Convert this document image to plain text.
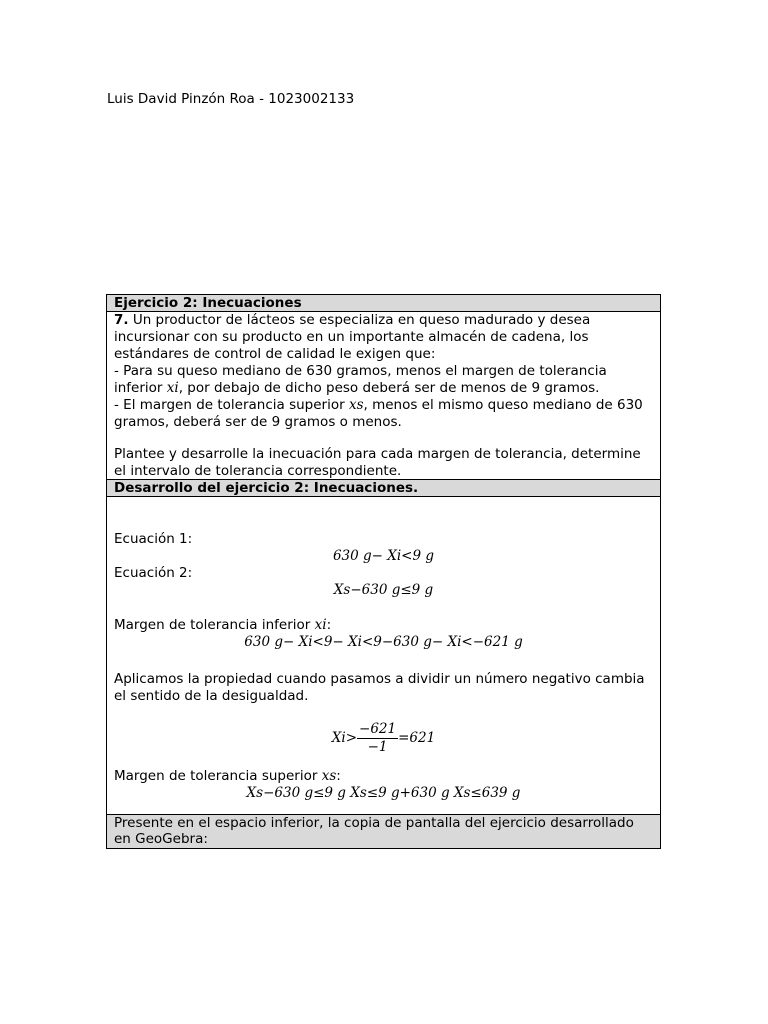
Luis David Pinzón Roa - 1023002133
Ejercicio 2: Inecuaciones

7. Un productor de lácteos se especializa en queso madurado y desea incursionar con su producto en un importante almacén de cadena, los estándares de control de calidad le exigen que:

- Para su queso mediano de 630 gramos, menos el margen de tolerancia inferior xi, por debajo de dicho peso deberá ser de menos de 9 gramos.

- El margen de tolerancia superior xs, menos el mismo queso mediano de 630 gramos, deberá ser de 9 gramos o menos.

Plantee y desarrolle la inecuación para cada margen de tolerancia, determine el intervalo de tolerancia correspondiente.

Desarrollo del ejercicio 2: Inecuaciones.

Ecuación 1:

630 g− Xi<9 g

Ecuación 2:

Xs−630 g≤9 g

Margen de tolerancia inferior xi:

630 g− Xi<9− Xi<9−630 g− Xi<−621 g

Aplicamos la propiedad cuando pasamos a dividir un número negativo cambia el sentido de la desigualdad.

$Xi> \frac{-621}{-1} =621$

Margen de tolerancia superior xs:

Xs−630 g≤9 g Xs≤9 g+630 g Xs≤639 g

Presente en el espacio inferior, la copia de pantalla del ejercicio desarrollado en GeoGebra:
